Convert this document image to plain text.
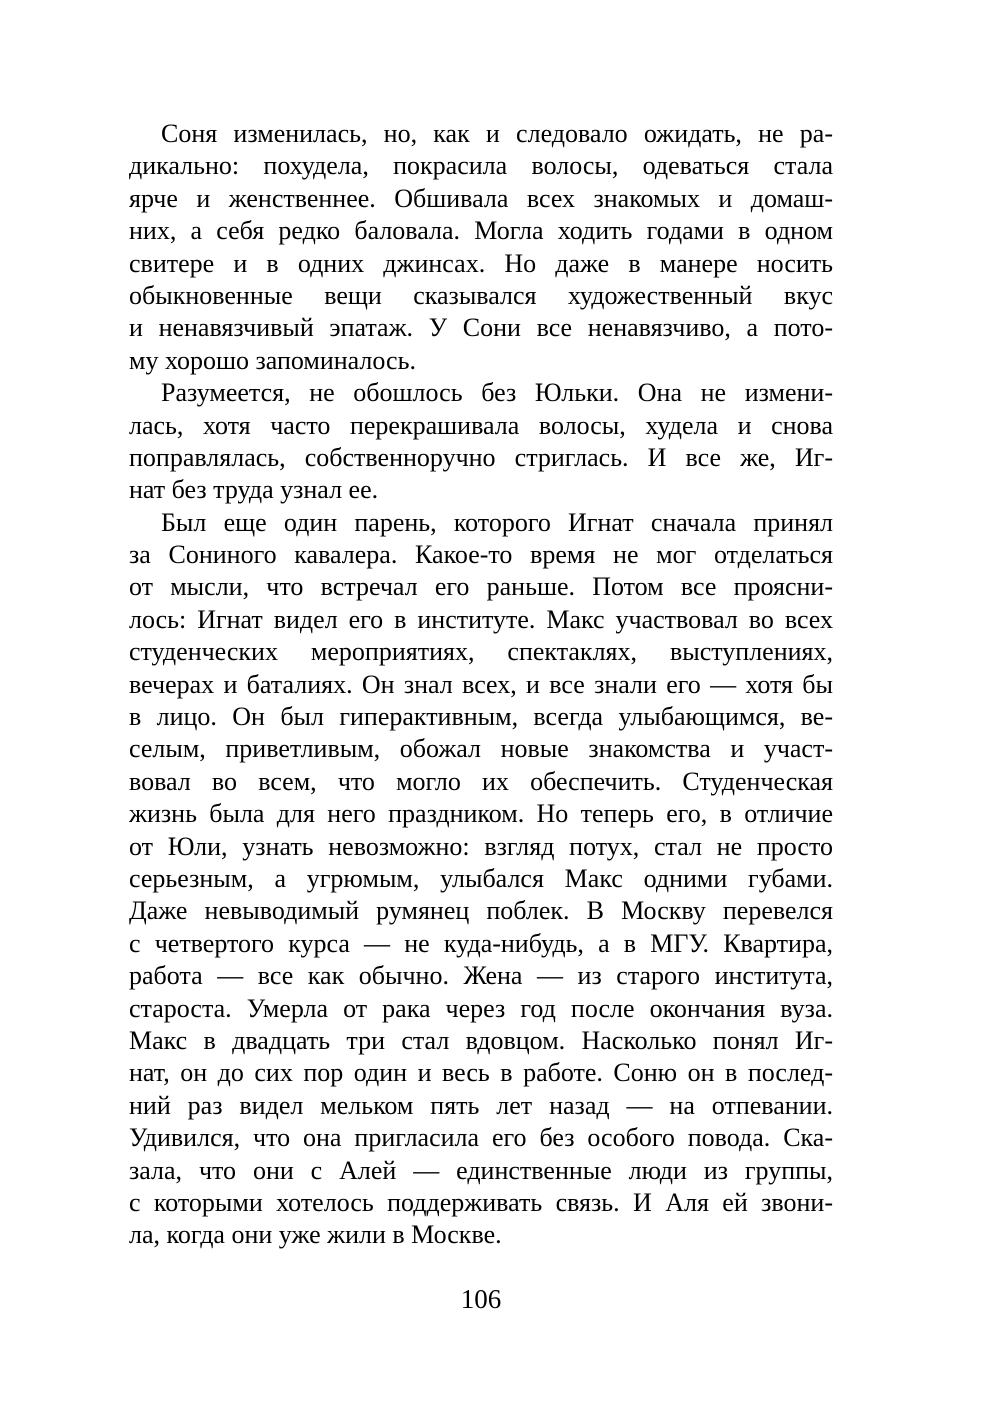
Соня изменилась, но, как и следовало ожидать, не ра-
дикально: похудела, покрасила волосы, одеваться стала
ярче и женственнее. Обшивала всех знакомых и домаш-
них, а себя редко баловала. Могла ходить годами в одном
свитере и в одних джинсах. Но даже в манере носить
обыкновенные вещи сказывался художественный вкус
и ненавязчивый эпатаж. У Сони все ненавязчиво, а пото-
му хорошо запоминалось.
Разумеется, не обошлось без Юльки. Она не измени-
лась, хотя часто перекрашивала волосы, худела и снова
поправлялась, собственноручно стриглась. И все же, Иг-
нат без труда узнал ее.
Был еще один парень, которого Игнат сначала принял
за Сониного кавалера. Какое-то время не мог отделаться
от мысли, что встречал его раньше. Потом все проясни-
лось: Игнат видел его в институте. Макс участвовал во всех
студенческих мероприятиях, спектаклях, выступлениях,
вечерах и баталиях. Он знал всех, и все знали его — хотя бы
в лицо. Он был гиперактивным, всегда улыбающимся, ве-
селым, приветливым, обожал новые знакомства и участ-
вовал во всем, что могло их обеспечить. Студенческая
жизнь была для него праздником. Но теперь его, в отличие
от Юли, узнать невозможно: взгляд потух, стал не просто
серьезным, а угрюмым, улыбался Макс одними губами.
Даже невыводимый румянец поблек. В Москву перевелся
с четвертого курса — не куда-нибудь, а в МГУ. Квартира,
работа — все как обычно. Жена — из старого института,
староста. Умерла от рака через год после окончания вуза.
Макс в двадцать три стал вдовцом. Насколько понял Иг-
нат, он до сих пор один и весь в работе. Соню он в послед-
ний раз видел мельком пять лет назад — на отпевании.
Удивился, что она пригласила его без особого повода. Ска-
зала, что они с Алей — единственные люди из группы,
с которыми хотелось поддерживать связь. И Аля ей звони-
ла, когда они уже жили в Москве.
106
